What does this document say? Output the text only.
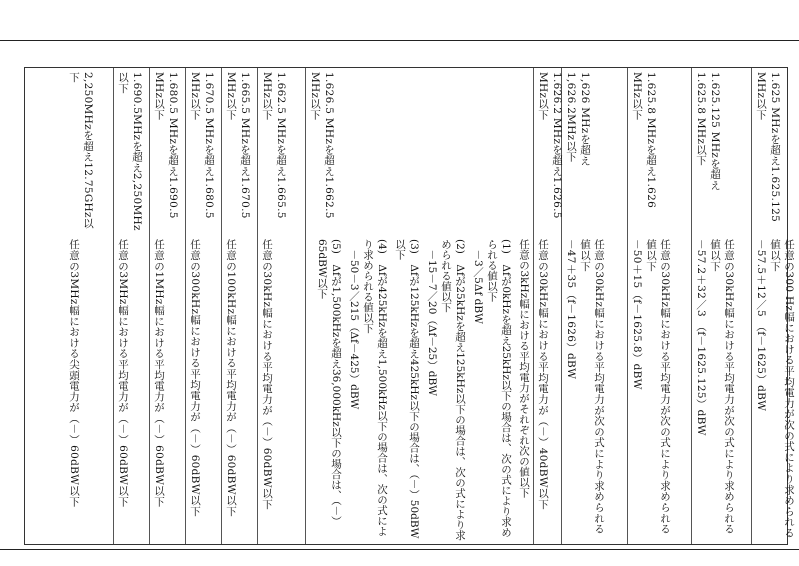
1.625 MHzを超え1.625.125 MHz以下
任意の300 Hz幅における平均電力が次の式により求められる値以下
－57.5＋12／5 （f－1625）dBW
1.625.125 MHzを超え1.625.8 MHz以下
任意の30kHz幅における平均電力が次の式により求められる値以下
－57.2＋32／3 （f－1625.125）dBW
1.625.8 MHzを超え1.626 MHz以下
任意の30kHz幅における平均電力が次の式により求められる値以下
－50＋15（f－1625.8）dBW
1,626 MHzを超え1,626.2MHz以下
任意の30kHz幅における平均電力が次の式により求められる値以下
－47＋35（f－1626）dBW
1.626.2 MHzを超え1.626.5 MHz以下
任意の30kHz幅における平均電力が（－）40dBW以下
1.626.5 MHzを超え1.662.5 MHz以下
任意の3kHz幅における平均電力がそれぞれ次の値以下
(1)　Δfが0kHzを超え25kHz以下の場合は、次の式により求められる値以下
　－3／5Δf dBW
(2)　Δfが25kHzを超え125kHz以下の場合は、次の式により求められる値以下
　－15－7／20（Δf－25）dBW
(3)　Δfが125kHzを超え425kHz以下の場合は、（－）50dBW以下
(4)　Δfが425kHzを超え1,500kHz以下の場合は、次の式により求められる値以下
　－50－3／215（Δf－425）dBW
(5)　Δfが1,500kHzを超え36,000kHz以下の場合は、（－）65dBW以下
1.662.5 MHzを超え1.665.5 MHz以下
任意の30kHz幅における平均電力が（－）60dBW以下
1.665.5 MHzを超え1.670.5 MHz以下
任意の100kHz幅における平均電力が（－）60dBW以下
1.670.5 MHzを超え1.680.5 MHz以下
任意の300kHz幅における平均電力が（－）60dBW以下
1.680.5 MHzを超え1.690.5 MHz以下
任意の1MHz幅における平均電力が（－）60dBW以下
1.690.5MHzを超え2,250MHz以下
任意の3MHz幅における平均電力が（－）60dBW以下
2,250MHzを超え12.75GHz以下
任意の3MHz幅における尖頭電力が（－）60dBW以下
